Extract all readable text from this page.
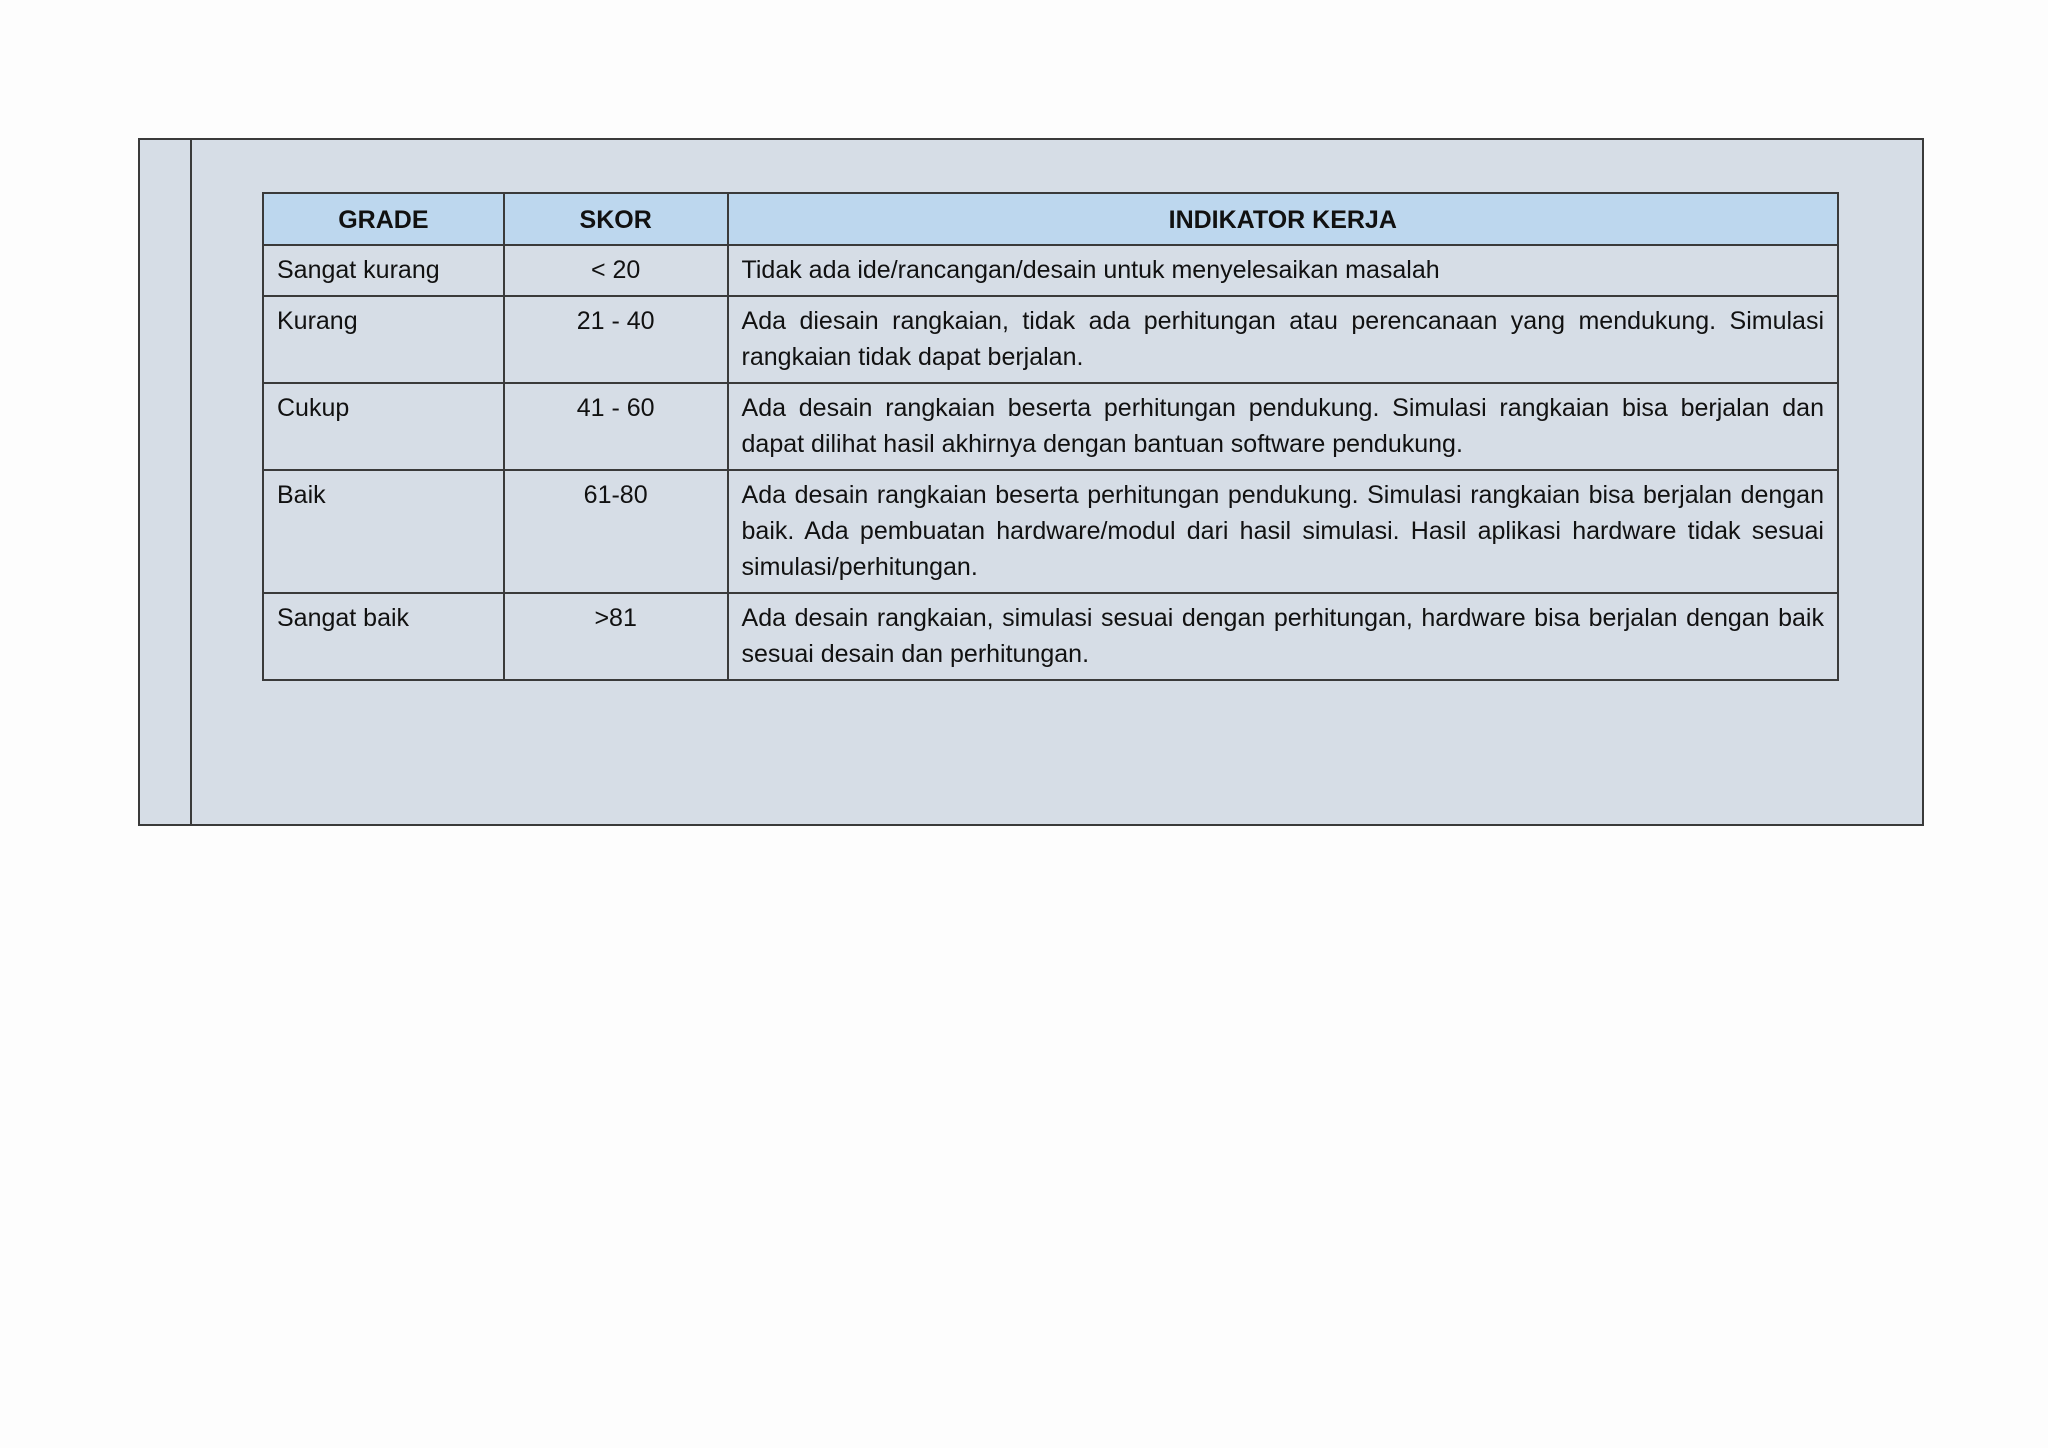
GRADE	SKOR	INDIKATOR KERJA
Sangat kurang	< 20	Tidak ada ide/rancangan/desain untuk menyelesaikan masalah
Kurang	21 - 40	Ada diesain rangkaian, tidak ada perhitungan atau perencanaan yang mendukung. Simulasi rangkaian tidak dapat berjalan.
Cukup	41 - 60	Ada desain rangkaian beserta perhitungan pendukung. Simulasi rangkaian bisa berjalan dan dapat dilihat hasil akhirnya dengan bantuan software pendukung.
Baik	61-80	Ada desain rangkaian beserta perhitungan pendukung. Simulasi rangkaian bisa berjalan dengan baik. Ada pembuatan hardware/modul dari hasil simulasi. Hasil aplikasi hardware tidak sesuai simulasi/perhitungan.
Sangat baik	>81	Ada desain rangkaian, simulasi sesuai dengan perhitungan, hardware bisa berjalan dengan baik sesuai desain dan perhitungan.
